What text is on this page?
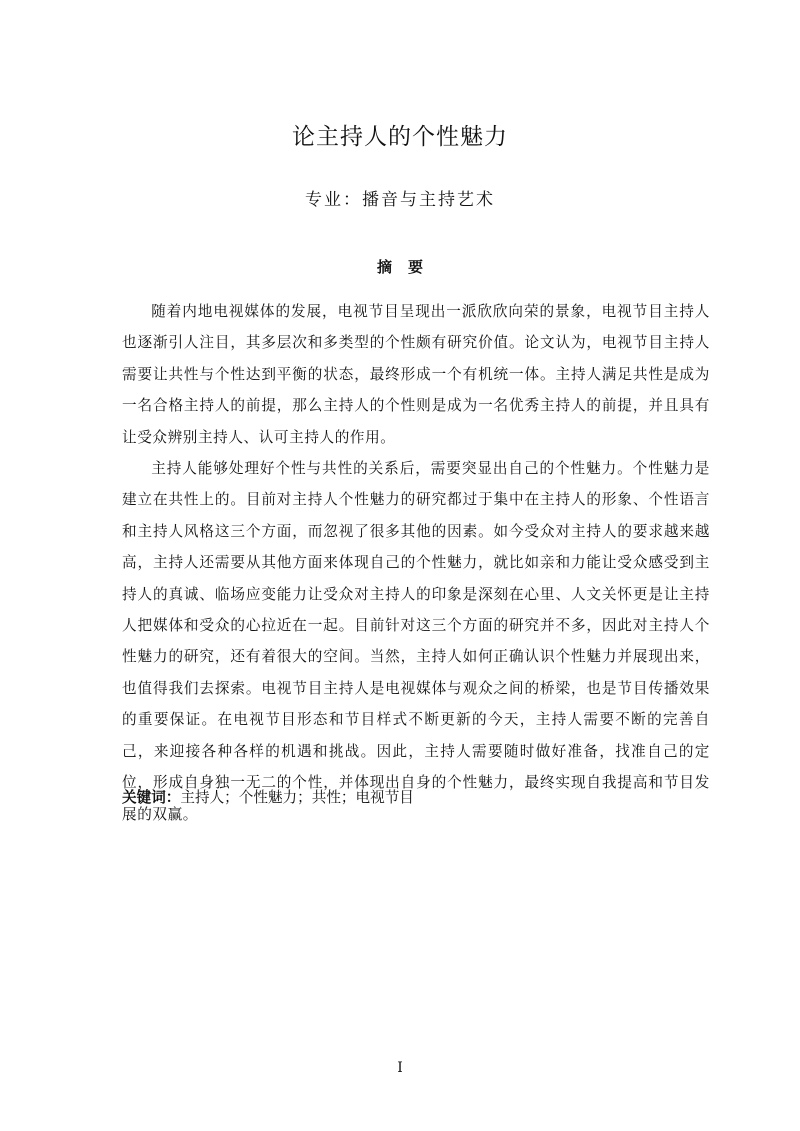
论主持人的个性魅力
专业：播音与主持艺术
摘要

随着内地电视媒体的发展，电视节目呈现出一派欣欣向荣的景象，电视节目主持人也逐渐引人注目，其多层次和多类型的个性颇有研究价值。论文认为，电视节目主持人需要让共性与个性达到平衡的状态，最终形成一个有机统一体。主持人满足共性是成为一名合格主持人的前提，那么主持人的个性则是成为一名优秀主持人的前提，并且具有让受众辨别主持人、认可主持人的作用。

主持人能够处理好个性与共性的关系后，需要突显出自己的个性魅力。个性魅力是建立在共性上的。目前对主持人个性魅力的研究都过于集中在主持人的形象、个性语言和主持人风格这三个方面，而忽视了很多其他的因素。如今受众对主持人的要求越来越高，主持人还需要从其他方面来体现自己的个性魅力，就比如亲和力能让受众感受到主持人的真诚、临场应变能力让受众对主持人的印象是深刻在心里、人文关怀更是让主持人把媒体和受众的心拉近在一起。目前针对这三个方面的研究并不多，因此对主持人个性魅力的研究，还有着很大的空间。当然，主持人如何正确认识个性魅力并展现出来，也值得我们去探索。电视节目主持人是电视媒体与观众之间的桥梁，也是节目传播效果的重要保证。在电视节目形态和节目样式不断更新的今天，主持人需要不断的完善自己，来迎接各种各样的机遇和挑战。因此，主持人需要随时做好准备，找准自己的定位，形成自身独一无二的个性，并体现出自身的个性魅力，最终实现自我提高和节目发展的双赢。

关键词：主持人；个性魅力；共性；电视节目
I
